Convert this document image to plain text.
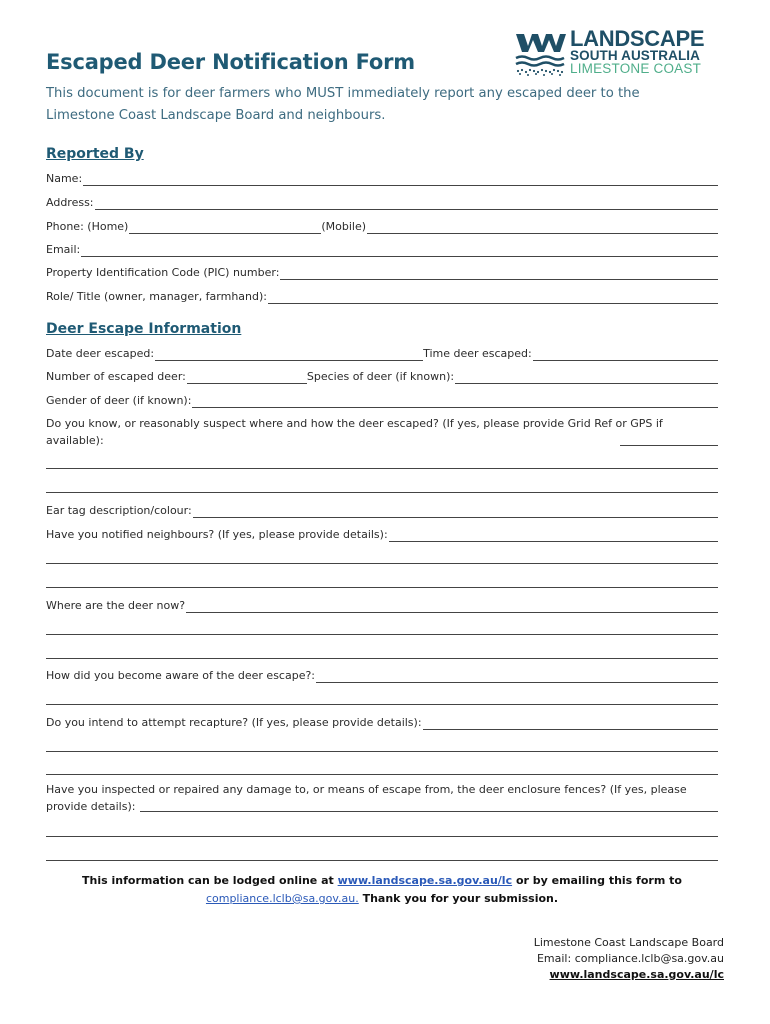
LANDSCAPE
SOUTH AUSTRALIA
LIMESTONE COAST
Escaped Deer Notification Form
This document is for deer farmers who MUST immediately report any escaped deer to the Limestone Coast Landscape Board and neighbours.
Reported By
Name:
Address:
Phone: (Home)	(Mobile)
Email:
Property Identification Code (PIC) number:
Role/ Title (owner, manager, farmhand):
Deer Escape Information
Date deer escaped:	Time deer escaped:
Number of escaped deer:	Species of deer (if known):
Gender of deer (if known):
Do you know, or reasonably suspect where and how the deer escaped? (If yes, please provide Grid Ref or GPS if available):
Ear tag description/colour:
Have you notified neighbours? (If yes, please provide details):
Where are the deer now?
How did you become aware of the deer escape?:
Do you intend to attempt recapture? (If yes, please provide details):
Have you inspected or repaired any damage to, or means of escape from, the deer enclosure fences? (If yes, please provide details):
This information can be lodged online at www.landscape.sa.gov.au/lc or by emailing this form to
compliance.lclb@sa.gov.au. Thank you for your submission.
Limestone Coast Landscape Board
Email: compliance.lclb@sa.gov.au
www.landscape.sa.gov.au/lc
